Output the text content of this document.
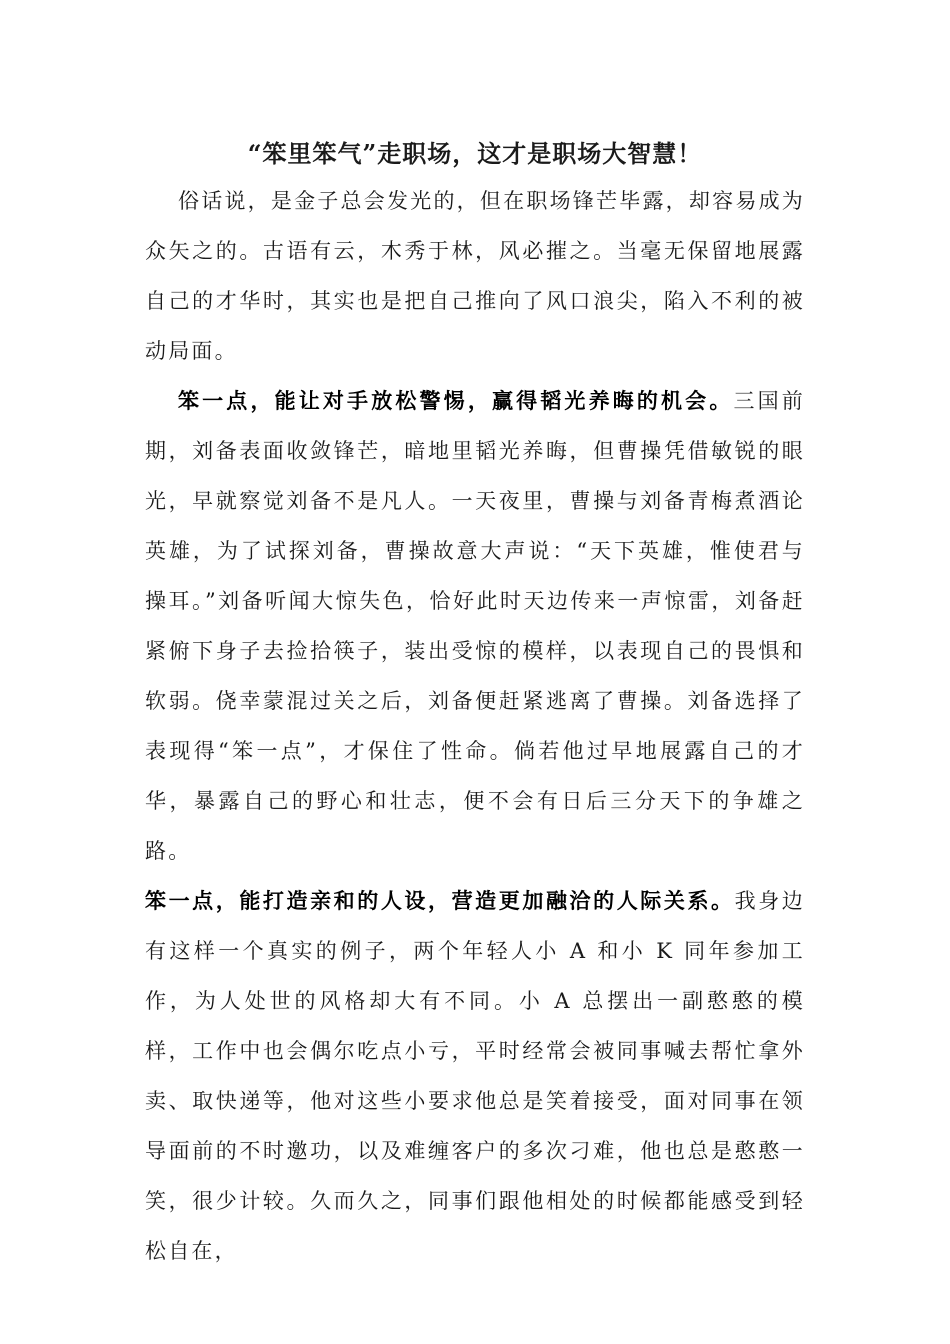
“笨里笨气”走职场，这才是职场大智慧！

俗话说，是金子总会发光的，但在职场锋芒毕露，却容易成为众矢之的。古语有云，木秀于林，风必摧之。当毫无保留地展露自己的才华时，其实也是把自己推向了风口浪尖，陷入不利的被动局面。

笨一点，能让对手放松警惕，赢得韬光养晦的机会。三国前期，刘备表面收敛锋芒，暗地里韬光养晦，但曹操凭借敏锐的眼光，早就察觉刘备不是凡人。一天夜里，曹操与刘备青梅煮酒论英雄，为了试探刘备，曹操故意大声说：“天下英雄，惟使君与操耳。”刘备听闻大惊失色，恰好此时天边传来一声惊雷，刘备赶紧俯下身子去捡拾筷子，装出受惊的模样，以表现自己的畏惧和软弱。侥幸蒙混过关之后，刘备便赶紧逃离了曹操。刘备选择了表现得“笨一点”，才保住了性命。倘若他过早地展露自己的才华，暴露自己的野心和壮志，便不会有日后三分天下的争雄之路。

笨一点，能打造亲和的人设，营造更加融洽的人际关系。我身边有这样一个真实的例子，两个年轻人小 A 和小 K 同年参加工作，为人处世的风格却大有不同。小 A 总摆出一副憨憨的模样，工作中也会偶尔吃点小亏，平时经常会被同事喊去帮忙拿外卖、取快递等，他对这些小要求他总是笑着接受，面对同事在领导面前的不时邀功，以及难缠客户的多次刁难，他也总是憨憨一笑，很少计较。久而久之，同事们跟他相处的时候都能感受到轻松自在，
